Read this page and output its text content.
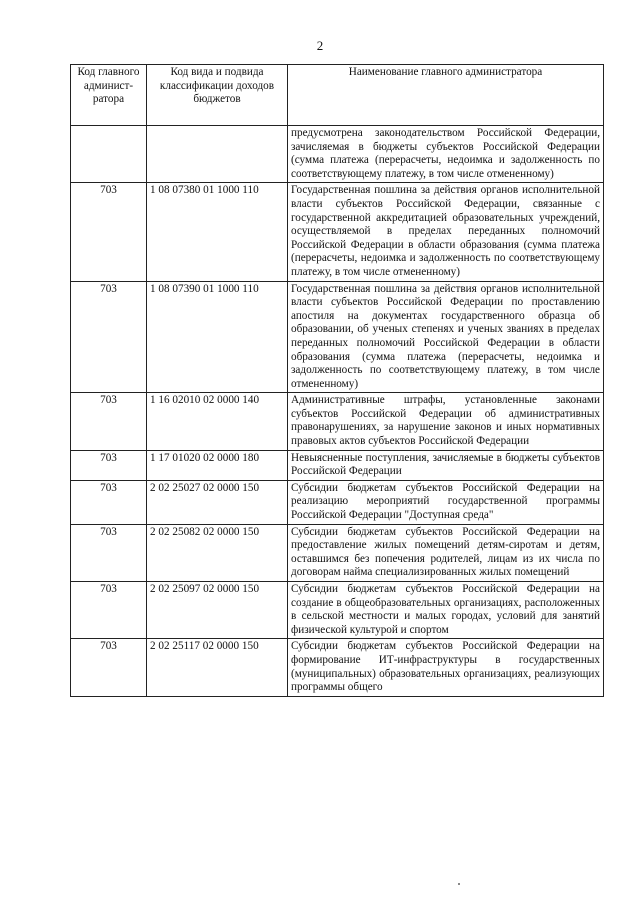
2
Код главного админист-ратора	Код вида и подвида классификации доходов бюджетов	Наименование главного администратора
		предусмотрена законодательством Российской Федерации, зачисляемая в бюджеты субъектов Российской Федерации (сумма платежа (перерасчеты, недоимка и задолженность по соответствующему платежу, в том числе отмененному)
703	1 08 07380 01 1000 110	Государственная пошлина за действия органов исполнительной власти субъектов Российской Федерации, связанные с государственной аккредитацией образовательных учреждений, осуществляемой в пределах переданных полномочий Российской Федерации в области образования (сумма платежа (перерасчеты, недоимка и задолженность по соответствующему платежу, в том числе отмененному)
703	1 08 07390 01 1000 110	Государственная пошлина за действия органов исполнительной власти субъектов Российской Федерации по проставлению апостиля на документах государственного образца об образовании, об ученых степенях и ученых званиях в пределах переданных полномочий Российской Федерации в области образования (сумма платежа (перерасчеты, недоимка и задолженность по соответствующему платежу, в том числе отмененному)
703	1 16 02010 02 0000 140	Административные штрафы, установленные законами субъектов Российской Федерации об административных правонарушениях, за нарушение законов и иных нормативных правовых актов субъектов Российской Федерации
703	1 17 01020 02 0000 180	Невыясненные поступления, зачисляемые в бюджеты субъектов Российской Федерации
703	2 02 25027 02 0000 150	Субсидии бюджетам субъектов Российской Федерации на реализацию мероприятий государственной программы Российской Федерации "Доступная среда"
703	2 02 25082 02 0000 150	Субсидии бюджетам субъектов Российской Федерации на предоставление жилых помещений детям-сиротам и детям, оставшимся без попечения родителей, лицам из их числа по договорам найма специализированных жилых помещений
703	2 02 25097 02 0000 150	Субсидии бюджетам субъектов Российской Федерации на создание в общеобразовательных организациях, расположенных в сельской местности и малых городах, условий для занятий физической культурой и спортом
703	2 02 25117 02 0000 150	Субсидии бюджетам субъектов Российской Федерации на формирование ИТ-инфраструктуры в государственных (муниципальных) образовательных организациях, реализующих программы общего
